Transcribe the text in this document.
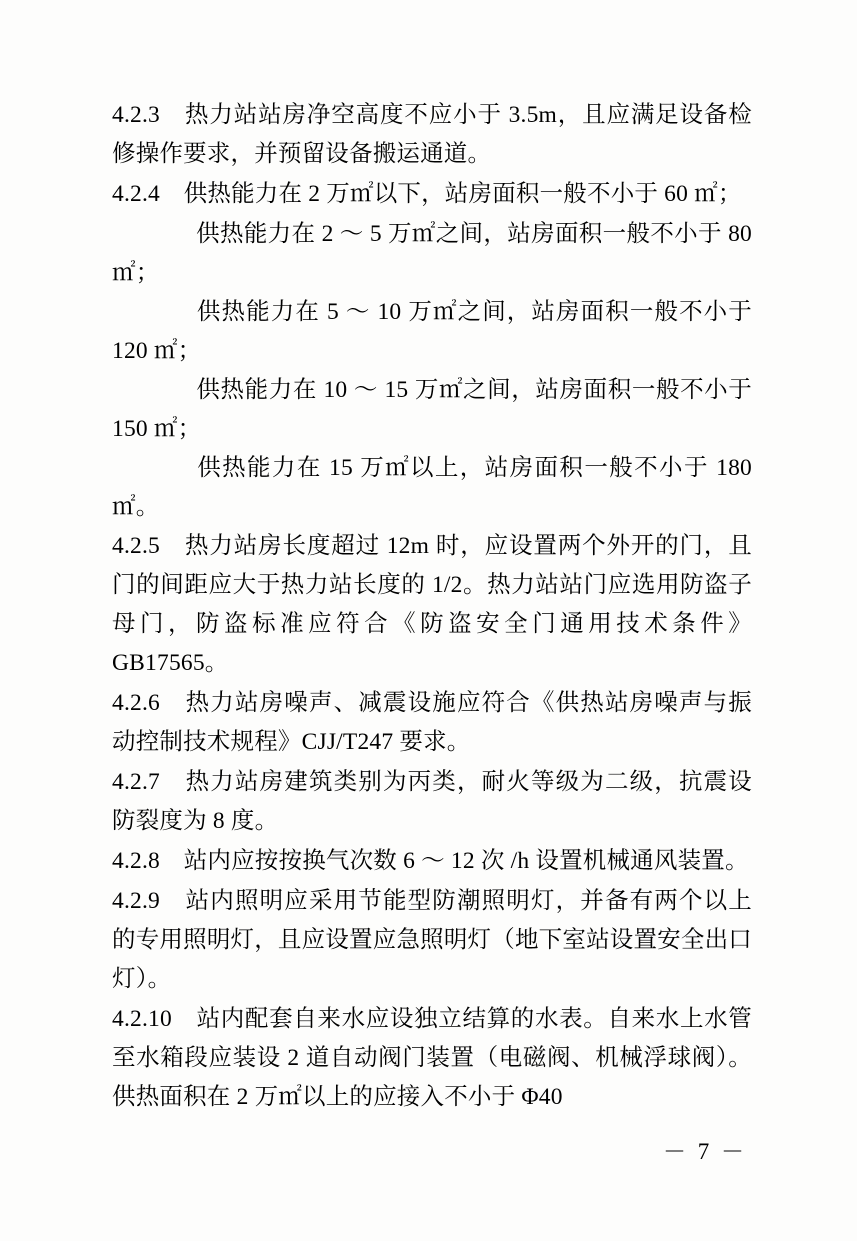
4.2.3　热力站站房净空高度不应小于 3.5m，且应满足设备检修操作要求，并预留设备搬运通道。

4.2.4　供热能力在 2 万㎡以下，站房面积一般不小于 60 ㎡；

供热能力在 2 ～ 5 万㎡之间，站房面积一般不小于 80 ㎡；

供热能力在 5 ～ 10 万㎡之间，站房面积一般不小于 120 ㎡；

供热能力在 10 ～ 15 万㎡之间，站房面积一般不小于 150 ㎡；

供热能力在 15 万㎡以上，站房面积一般不小于 180 ㎡。

4.2.5　热力站房长度超过 12m 时，应设置两个外开的门，且门的间距应大于热力站长度的 1/2。热力站站门应选用防盗子母门，防盗标准应符合《防盗安全门通用技术条件》GB17565。

4.2.6　热力站房噪声、减震设施应符合《供热站房噪声与振动控制技术规程》CJJ/T247 要求。

4.2.7　热力站房建筑类别为丙类，耐火等级为二级，抗震设防裂度为 8 度。

4.2.8　站内应按按换气次数 6 ～ 12 次 /h 设置机械通风装置。

4.2.9　站内照明应采用节能型防潮照明灯，并备有两个以上的专用照明灯，且应设置应急照明灯（地下室站设置安全出口灯）。

4.2.10　站内配套自来水应设独立结算的水表。自来水上水管至水箱段应装设 2 道自动阀门装置（电磁阀、机械浮球阀）。供热面积在 2 万㎡以上的应接入不小于 Φ40

－ 7 －
